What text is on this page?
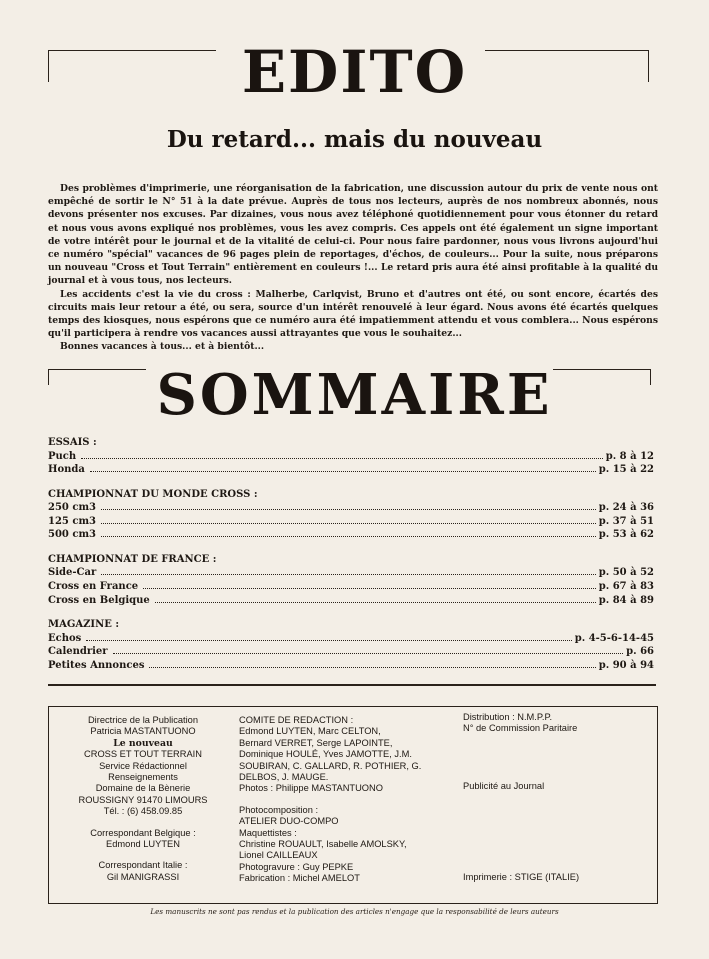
EDITO
Du retard... mais du nouveau

Des problèmes d'imprimerie, une réorganisation de la fabrication, une discussion autour du prix de vente nous ont empêché de sortir le N° 51 à la date prévue. Auprès de tous nos lecteurs, auprès de nos nombreux abonnés, nous devons présenter nos excuses. Par dizaines, vous nous avez téléphoné quotidiennement pour vous étonner du retard et nous vous avons expliqué nos problèmes, vous les avez compris. Ces appels ont été également un signe important de votre intérêt pour le journal et de la vitalité de celui-ci. Pour nous faire pardonner, nous vous livrons aujourd'hui ce numéro "spécial" vacances de 96 pages plein de reportages, d'échos, de couleurs... Pour la suite, nous préparons un nouveau "Cross et Tout Terrain" entièrement en couleurs !... Le retard pris aura été ainsi profitable à la qualité du journal et à vous tous, nos lecteurs.

Les accidents c'est la vie du cross : Malherbe, Carlqvist, Bruno et d'autres ont été, ou sont encore, écartés des circuits mais leur retour a été, ou sera, source d'un intérêt renouvelé à leur égard. Nous avons été écartés quelques temps des kiosques, nous espérons que ce numéro aura été impatiemment attendu et vous comblera... Nous espérons qu'il participera à rendre vos vacances aussi attrayantes que vous le souhaitez...

Bonnes vacances à tous... et à bientôt...

SOMMAIRE
ESSAIS :
Puch	p. 8 à 12
Honda	p. 15 à 22
CHAMPIONNAT DU MONDE CROSS :
250 cm3	p. 24 à 36
125 cm3	p. 37 à 51
500 cm3	p. 53 à 62
CHAMPIONNAT DE FRANCE :
Side-Car	p. 50 à 52
Cross en France	p. 67 à 83
Cross en Belgique	p. 84 à 89
MAGAZINE :
Echos	p. 4-5-6-14-45
Calendrier	p. 66
Petites Annonces	p. 90 à 94
Directrice de la Publication
Patricia MASTANTUONO
Le nouveau
CROSS ET TOUT TERRAIN
Service Rédactionnel
Renseignements
Domaine de la Bènerie
ROUSSIGNY 91470 LIMOURS
Tél. : (6) 458.09.85
Correspondant Belgique :
Edmond LUYTEN
Correspondant Italie :
Gil MANIGRASSI
COMITE DE REDACTION :
Edmond LUYTEN, Marc CELTON,
Bernard VERRET, Serge LAPOINTE,
Dominique HOULÉ, Yves JAMOTTE, J.M.
SOUBIRAN, C. GALLARD, R. POTHIER, G.
DELBOS, J. MAUGE.
Photos : Philippe MASTANTUONO
Photocomposition :
ATELIER DUO-COMPO
Maquettistes :
Christine ROUAULT, Isabelle AMOLSKY,
Lionel CAILLEAUX
Photogravure : Guy PEPKE
Fabrication : Michel AMELOT
Distribution : N.M.P.P.
N° de Commission Paritaire
Publicité au Journal
Imprimerie : STIGE (ITALIE)
Les manuscrits ne sont pas rendus et la publication des articles n'engage que la responsabilité de leurs auteurs
